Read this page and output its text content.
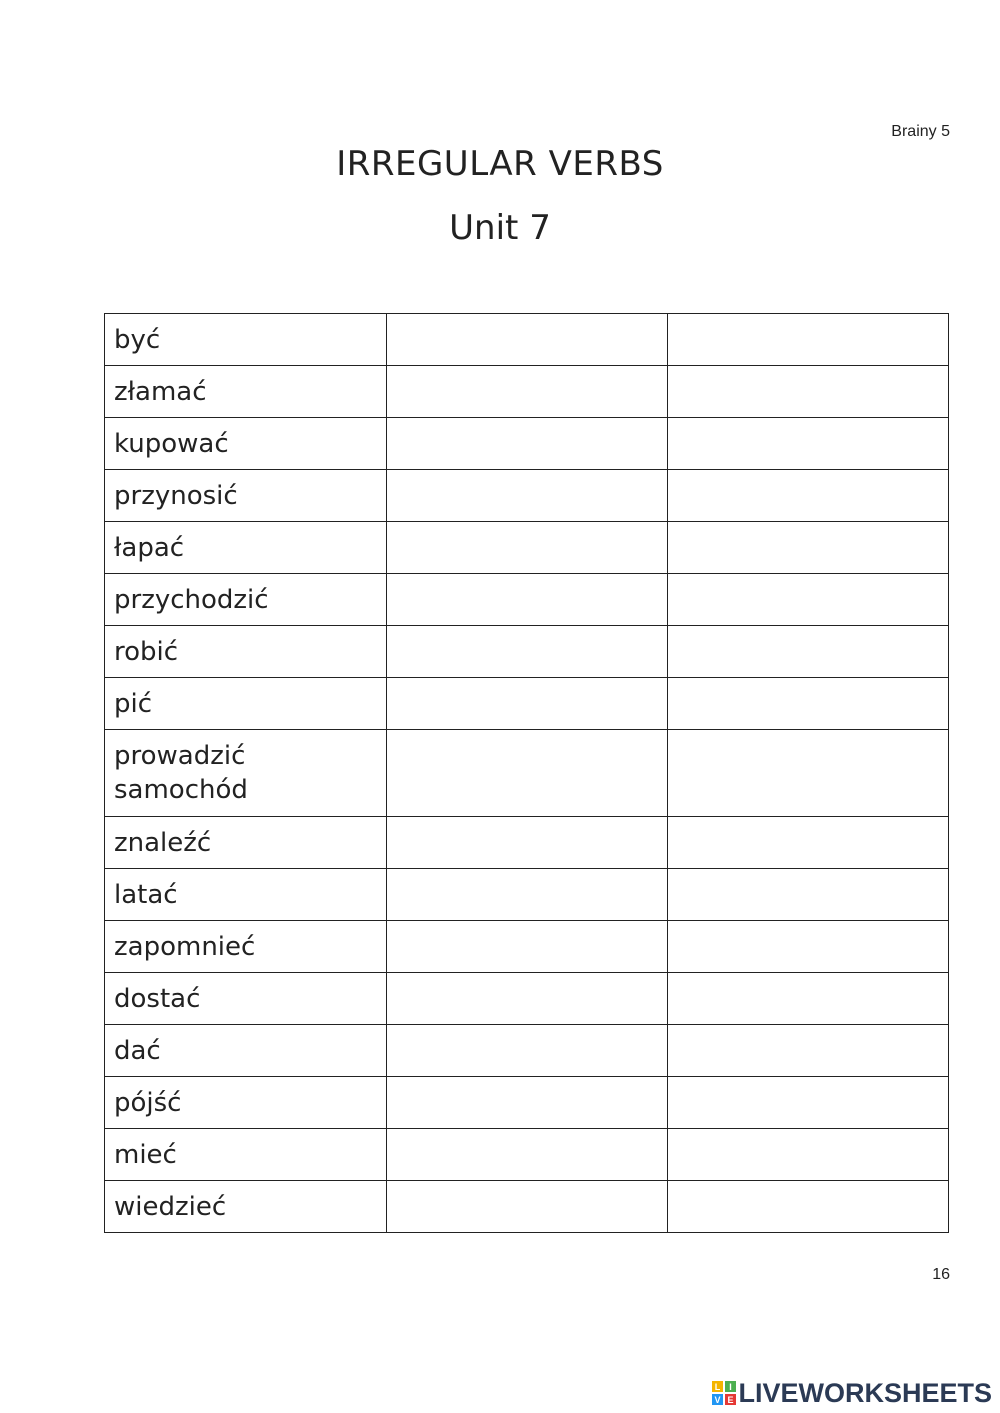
Brainy 5
IRREGULAR VERBS
Unit 7
być		
złamać		
kupować		
przynosić		
łapać		
przychodzić		
robić		
pić		
prowadzić samochód		
znaleźć		
latać		
zapomnieć		
dostać		
dać		
pójść		
mieć		
wiedzieć		
16
L I
V E LIVEWORKSHEETS
